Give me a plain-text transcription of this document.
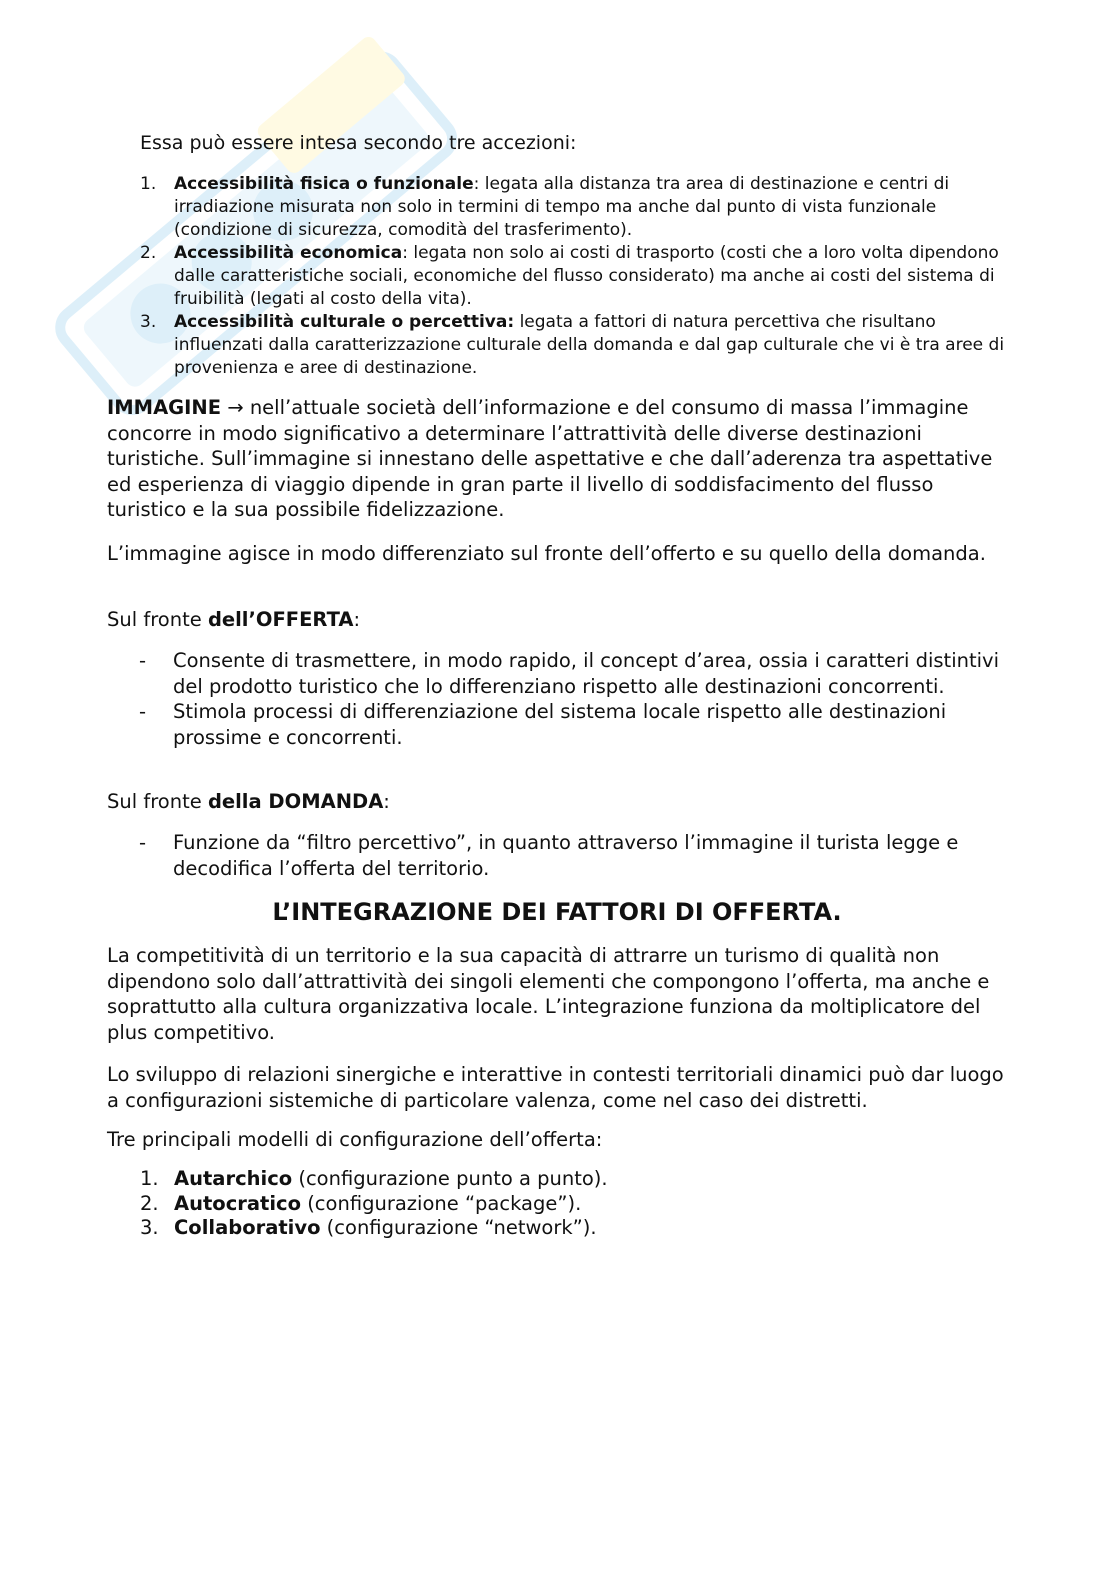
Essa può essere intesa secondo tre accezioni:
1. Accessibilità fisica o funzionale: legata alla distanza tra area di destinazione e centri di irradiazione misurata non solo in termini di tempo ma anche dal punto di vista funzionale (condizione di sicurezza, comodità del trasferimento).
2. Accessibilità economica: legata non solo ai costi di trasporto (costi che a loro volta dipendono dalle caratteristiche sociali, economiche del flusso considerato) ma anche ai costi del sistema di fruibilità (legati al costo della vita).
3. Accessibilità culturale o percettiva: legata a fattori di natura percettiva che risultano influenzati dalla caratterizzazione culturale della domanda e dal gap culturale che vi è tra aree di provenienza e aree di destinazione.

IMMAGINE → nell’attuale società dell’informazione e del consumo di massa l’immagine concorre in modo significativo a determinare l’attrattività delle diverse destinazioni turistiche. Sull’immagine si innestano delle aspettative e che dall’aderenza tra aspettative ed esperienza di viaggio dipende in gran parte il livello di soddisfacimento del flusso turistico e la sua possibile fidelizzazione.

L’immagine agisce in modo differenziato sul fronte dell’offerto e su quello della domanda.

Sul fronte dell’OFFERTA:

- Consente di trasmettere, in modo rapido, il concept d’area, ossia i caratteri distintivi del prodotto turistico che lo differenziano rispetto alle destinazioni concorrenti.
- Stimola processi di differenziazione del sistema locale rispetto alle destinazioni prossime e concorrenti.

Sul fronte della DOMANDA:

- Funzione da “filtro percettivo”, in quanto attraverso l’immagine il turista legge e decodifica l’offerta del territorio.
L’INTEGRAZIONE DEI FATTORI DI OFFERTA.

La competitività di un territorio e la sua capacità di attrarre un turismo di qualità non dipendono solo dall’attrattività dei singoli elementi che compongono l’offerta, ma anche e soprattutto alla cultura organizzativa locale. L’integrazione funziona da moltiplicatore del plus competitivo.

Lo sviluppo di relazioni sinergiche e interattive in contesti territoriali dinamici può dar luogo a configurazioni sistemiche di particolare valenza, come nel caso dei distretti.

Tre principali modelli di configurazione dell’offerta:

1. Autarchico (configurazione punto a punto).
2. Autocratico (configurazione “package”).
3. Collaborativo (configurazione “network”).
